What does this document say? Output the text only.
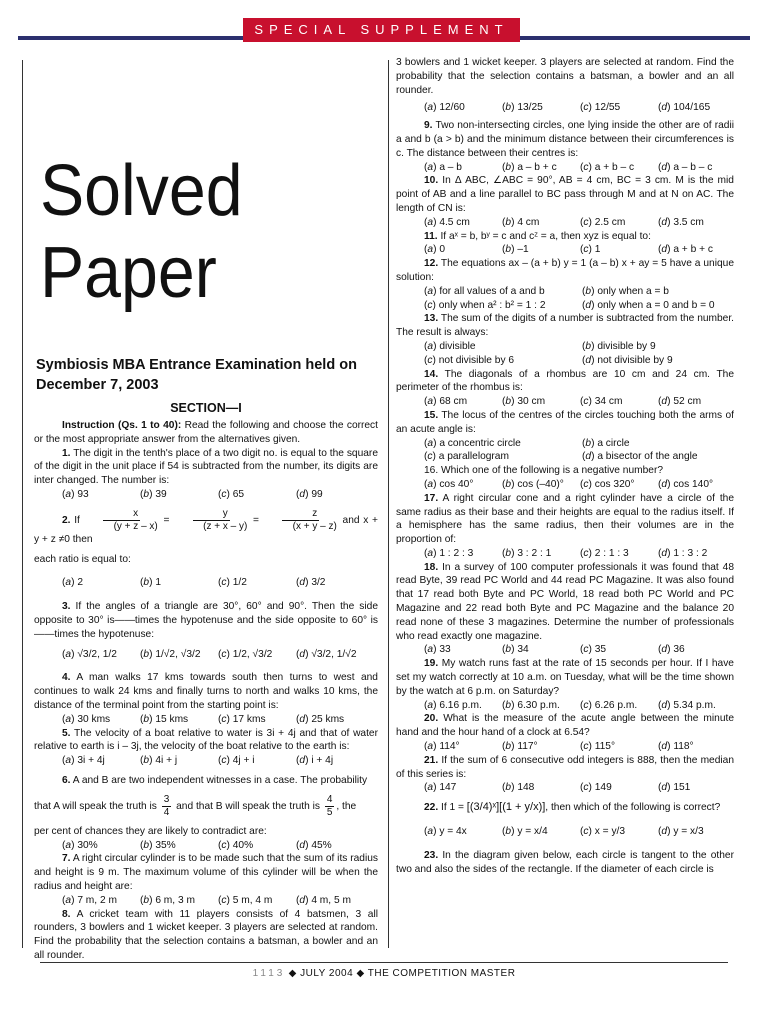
SPECIAL SUPPLEMENT
Solved
Paper
Symbiosis MBA Entrance Examination held on December 7, 2003
SECTION—I

Instruction (Qs. 1 to 40): Read the following and choose the correct or the most appropriate answer from the alternatives given.

1. The digit in the tenth's place of a two digit no. is equal to the square of the digit in the unit place if 54 is subtracted from the number, its digits are inter changed. The number is:

(a) 93	(b) 39	(c) 65	(d) 99

2. If $\frac{x}{(y + z - x)} = \frac{y}{(z + x - y)} = \frac{z}{(x + y - z)}$ and x + y + z ≠0 then

each ratio is equal to:

(a) 2	(b) 1	(c) 1/2	(d) 3/2

3. If the angles of a triangle are 30°, 60° and 90°. Then the side opposite to 30° is——times the hypotenuse and the side opposite to 60° is——times the hypotenuse:

(a) √3/2, 1/2	(b) 1/√2, √3/2	(c) 1/2, √3/2	(d) √3/2, 1/√2

4. A man walks 17 kms towards south then turns to west and continues to walk 24 kms and finally turns to north and walks 10 kms, the distance of the terminal point from the starting point is:

(a) 30 kms	(b) 15 kms	(c) 17 kms	(d) 25 kms

5. The velocity of a boat relative to water is 3i + 4j and that of water relative to earth is i – 3j, the velocity of the boat relative to the earth is:

(a) 3i + 4j	(b) 4i + j	(c) 4j + i	(d) i + 4j

6. A and B are two independent witnesses in a case. The probability

that A will speak the truth is $\frac{3}{4}$ and that B will speak the truth is $\frac{4}{5}$ , the

per cent of chances they are likely to contradict are:

(a) 30%	(b) 35%	(c) 40%	(d) 45%

7. A right circular cylinder is to be made such that the sum of its radius and height is 9 m. The maximum volume of this cylinder will be when the radius and height are:

(a) 7 m, 2 m	(b) 6 m, 3 m	(c) 5 m, 4 m	(d) 4 m, 5 m

8. A cricket team with 11 players consists of 4 batsmen, 3 all rounders, 3 bowlers and 1 wicket keeper. 3 players are selected at random. Find the probability that the selection contains a batsman, a bowler and an all rounder.

3 bowlers and 1 wicket keeper. 3 players are selected at random. Find the probability that the selection contains a batsman, a bowler and an all rounder.

(a) 12/60	(b) 13/25	(c) 12/55	(d) 104/165

9. Two non-intersecting circles, one lying inside the other are of radii a and b (a > b) and the minimum distance between their circumferences is c. The distance between their centres is:

(a) a – b	(b) a – b + c	(c) a + b – c	(d) a – b – c

10. In Δ ABC, ∠ABC = 90°, AB = 4 cm, BC = 3 cm. M is the mid point of AB and a line parallel to BC pass through M and at N on AC. The length of CN is:

(a) 4.5 cm	(b) 4 cm	(c) 2.5 cm	(d) 3.5 cm

11. If aˣ = b, bʸ = c and cᶻ = a, then xyz is equal to:

(a) 0	(b) –1	(c) 1	(d) a + b + c

12. The equations ax – (a + b) y = 1 (a – b) x + ay = 5 have a unique solution:

(a) for all values of a and b	(b) only when a = b
(c) only when a² : b² = 1 : 2	(d) only when a = 0 and b = 0

13. The sum of the digits of a number is subtracted from the number. The result is always:

(a) divisible	(b) divisible by 9
(c) not divisible by 6	(d) not divisible by 9

14. The diagonals of a rhombus are 10 cm and 24 cm. The perimeter of the rhombus is:

(a) 68 cm	(b) 30 cm	(c) 34 cm	(d) 52 cm

15. The locus of the centres of the circles touching both the arms of an acute angle is:

(a) a concentric circle	(b) a circle
(c) a parallelogram	(d) a bisector of the angle

16. Which one of the following is a negative number?

(a) cos 40°	(b) cos (–40)°	(c) cos 320°	(d) cos 140°

17. A right circular cone and a right cylinder have a circle of the same radius as their base and their heights are equal to the radius itself. If a hemisphere has the same radius, then their volumes are in the proportion of:

(a) 1 : 2 : 3	(b) 3 : 2 : 1	(c) 2 : 1 : 3	(d) 1 : 3 : 2

18. In a survey of 100 computer professionals it was found that 48 read Byte, 39 read PC World and 44 read PC Magazine. It was also found that 17 read both Byte and PC World, 18 read both PC World and PC Magazine and 22 read both Byte and PC Magazine and the balance 20 read none of these 3 magazines. Determine the number of professionals who read exactly one magazine.

(a) 33	(b) 34	(c) 35	(d) 36

19. My watch runs fast at the rate of 15 seconds per hour. If I have set my watch correctly at 10 a.m. on Tuesday, what will be the time shown by the watch at 6 p.m. on Saturday?

(a) 6.16 p.m.	(b) 6.30 p.m.	(c) 6.26 p.m.	(d) 5.34 p.m.

20. What is the measure of the acute angle between the minute hand and the hour hand of a clock at 6.54?

(a) 114°	(b) 117°	(c) 115°	(d) 118°

21. If the sum of 6 consecutive odd integers is 888, then the median of this series is:

(a) 147	(b) 148	(c) 149	(d) 151

22. If 1 = [(3/4)ˣ][(1 + y/x)], then which of the following is correct?

(a) y = 4x	(b) y = x/4	(c) x = y/3	(d) y = x/3

23. In the diagram given below, each circle is tangent to the other two and also the sides of the rectangle. If the diameter of each circle is

1113 ◆ JULY 2004 ◆ THE COMPETITION MASTER
